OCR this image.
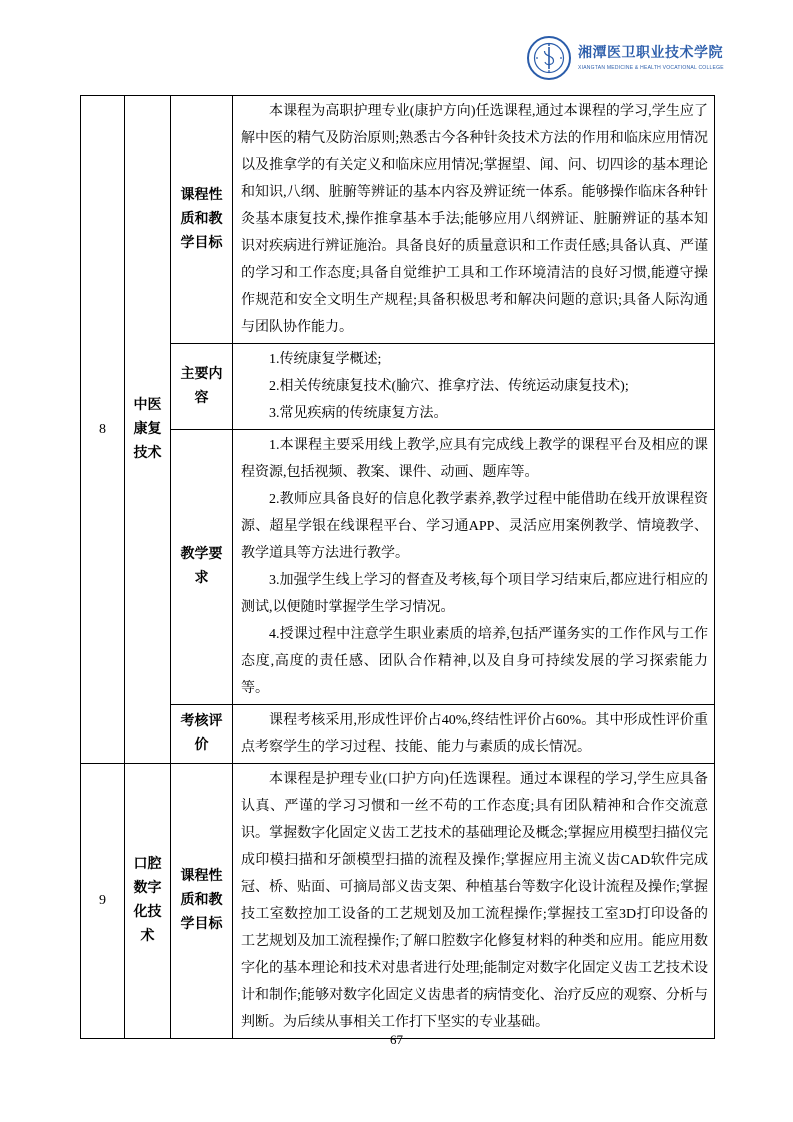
湘潭医卫职业技术学院
XIANGTAN MEDICINE & HEALTH VOCATIONAL COLLEGE
8	中医康复技术	课程性质和教学目标	本课程为高职护理专业(康护方向)任选课程,通过本课程的学习,学生应了解中医的精气及防治原则;熟悉古今各种针灸技术方法的作用和临床应用情况以及推拿学的有关定义和临床应用情况;掌握望、闻、问、切四诊的基本理论和知识,八纲、脏腑等辨证的基本内容及辨证统一体系。能够操作临床各种针灸基本康复技术,操作推拿基本手法;能够应用八纲辨证、脏腑辨证的基本知识对疾病进行辨证施治。具备良好的质量意识和工作责任感;具备认真、严谨的学习和工作态度;具备自觉维护工具和工作环境清洁的良好习惯,能遵守操作规范和安全文明生产规程;具备积极思考和解决问题的意识;具备人际沟通与团队协作能力。

		主要内容	1.传统康复学概述;

2.相关传统康复技术(腧穴、推拿疗法、传统运动康复技术);

3.常见疾病的传统康复方法。

		教学要求	1.本课程主要采用线上教学,应具有完成线上教学的课程平台及相应的课程资源,包括视频、教案、课件、动画、题库等。

2.教师应具备良好的信息化教学素养,教学过程中能借助在线开放课程资源、超星学银在线课程平台、学习通APP、灵活应用案例教学、情境教学、教学道具等方法进行教学。

3.加强学生线上学习的督查及考核,每个项目学习结束后,都应进行相应的测试,以便随时掌握学生学习情况。

4.授课过程中注意学生职业素质的培养,包括严谨务实的工作作风与工作态度,高度的责任感、团队合作精神,以及自身可持续发展的学习探索能力等。

		考核评价	课程考核采用,形成性评价占40%,终结性评价占60%。其中形成性评价重点考察学生的学习过程、技能、能力与素质的成长情况。

9	口腔数字化技术	课程性质和教学目标	本课程是护理专业(口护方向)任选课程。通过本课程的学习,学生应具备认真、严谨的学习习惯和一丝不苟的工作态度;具有团队精神和合作交流意识。掌握数字化固定义齿工艺技术的基础理论及概念;掌握应用模型扫描仪完成印模扫描和牙颌模型扫描的流程及操作;掌握应用主流义齿CAD软件完成冠、桥、贴面、可摘局部义齿支架、种植基台等数字化设计流程及操作;掌握技工室数控加工设备的工艺规划及加工流程操作;掌握技工室3D打印设备的工艺规划及加工流程操作;了解口腔数字化修复材料的种类和应用。能应用数字化的基本理论和技术对患者进行处理;能制定对数字化固定义齿工艺技术设计和制作;能够对数字化固定义齿患者的病情变化、治疗反应的观察、分析与判断。为后续从事相关工作打下坚实的专业基础。

67
